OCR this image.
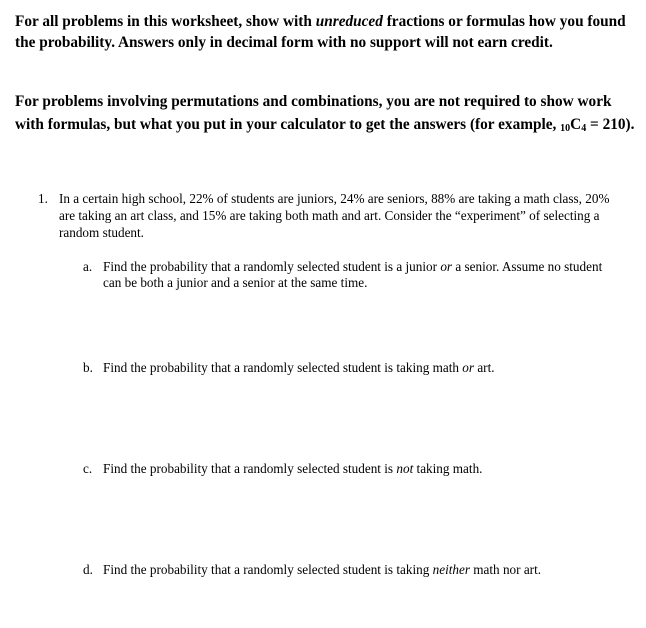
For all problems in this worksheet, show with unreduced fractions or formulas how you found the probability. Answers only in decimal form with no support will not earn credit.

For problems involving permutations and combinations, you are not required to show work with formulas, but what you put in your calculator to get the answers (for example, $_{10}$C4 = 210).

1. In a certain high school, 22% of students are juniors, 24% are seniors, 88% are taking a math class, 20% are taking an art class, and 15% are taking both math and art. Consider the “experiment” of selecting a random student.
a. Find the probability that a randomly selected student is a junior or a senior. Assume no student can be both a junior and a senior at the same time.
b. Find the probability that a randomly selected student is taking math or art.
c. Find the probability that a randomly selected student is not taking math.
d. Find the probability that a randomly selected student is taking neither math nor art.
